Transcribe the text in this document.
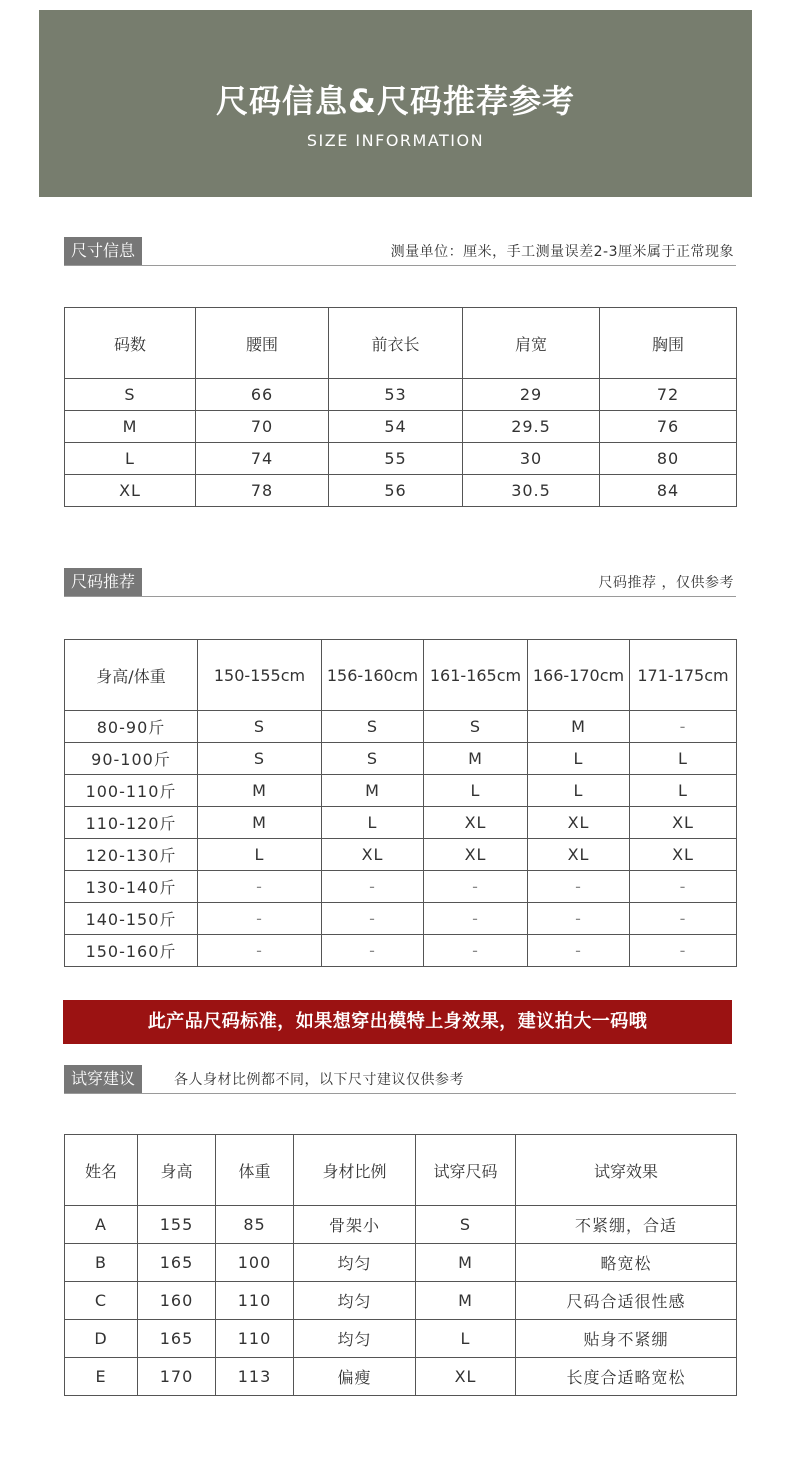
尺码信息&尺码推荐参考
SIZE INFORMATION
尺寸信息	测量单位：厘米，手工测量误差2-3厘米属于正常现象
码数	腰围	前衣长	肩宽	胸围
S	66	53	29	72
M	70	54	29.5	76
L	74	55	30	80
XL	78	56	30.5	84
尺码推荐	尺码推荐 ，仅供参考
身高/体重	150-155cm	156-160cm	161-165cm	166-170cm	171-175cm
80-90斤	S	S	S	M	-
90-100斤	S	S	M	L	L
100-110斤	M	M	L	L	L
110-120斤	M	L	XL	XL	XL
120-130斤	L	XL	XL	XL	XL
130-140斤	-	-	-	-	-
140-150斤	-	-	-	-	-
150-160斤	-	-	-	-	-
此产品尺码标准，如果想穿出模特上身效果，建议拍大一码哦
试穿建议	各人身材比例都不同，以下尺寸建议仅供参考
姓名	身高	体重	身材比例	试穿尺码	试穿效果
A	155	85	骨架小	S	不紧绷，合适
B	165	100	均匀	M	略宽松
C	160	110	均匀	M	尺码合适很性感
D	165	110	均匀	L	贴身不紧绷
E	170	113	偏瘦	XL	长度合适略宽松
